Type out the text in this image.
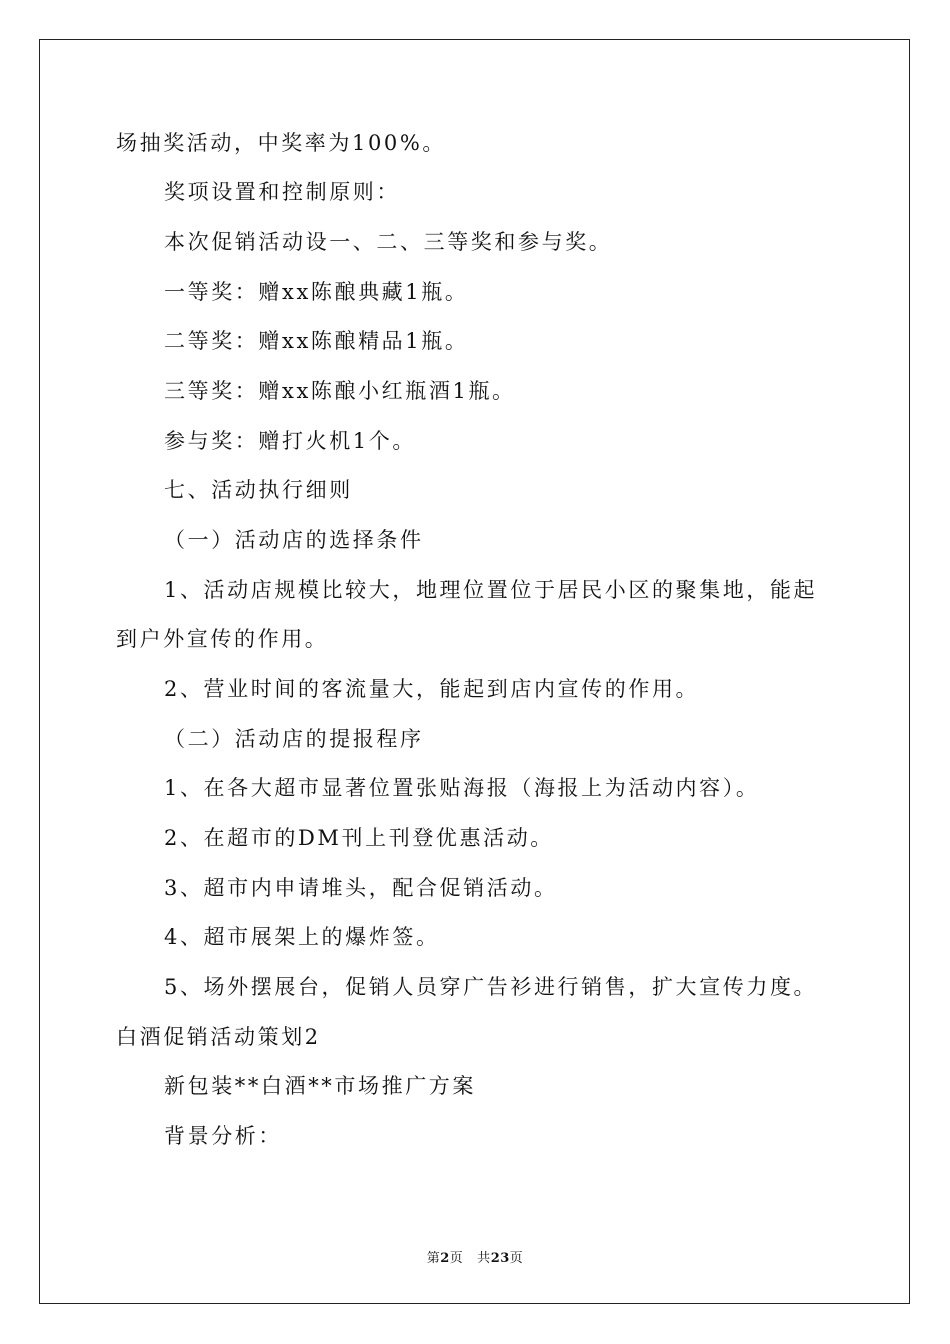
场抽奖活动，中奖率为100%。
奖项设置和控制原则：
本次促销活动设一、二、三等奖和参与奖。
一等奖：赠xx陈酿典藏1瓶。
二等奖：赠xx陈酿精品1瓶。
三等奖：赠xx陈酿小红瓶酒1瓶。
参与奖：赠打火机1个。
七、活动执行细则
（一）活动店的选择条件
1、活动店规模比较大，地理位置位于居民小区的聚集地，能起
到户外宣传的作用。
2、营业时间的客流量大，能起到店内宣传的作用。
（二）活动店的提报程序
1、在各大超市显著位置张贴海报（海报上为活动内容）。
2、在超市的DM刊上刊登优惠活动。
3、超市内申请堆头，配合促销活动。
4、超市展架上的爆炸签。
5、场外摆展台，促销人员穿广告衫进行销售，扩大宣传力度。
白酒促销活动策划2
新包装**白酒**市场推广方案
背景分析：
第2页 共23页
